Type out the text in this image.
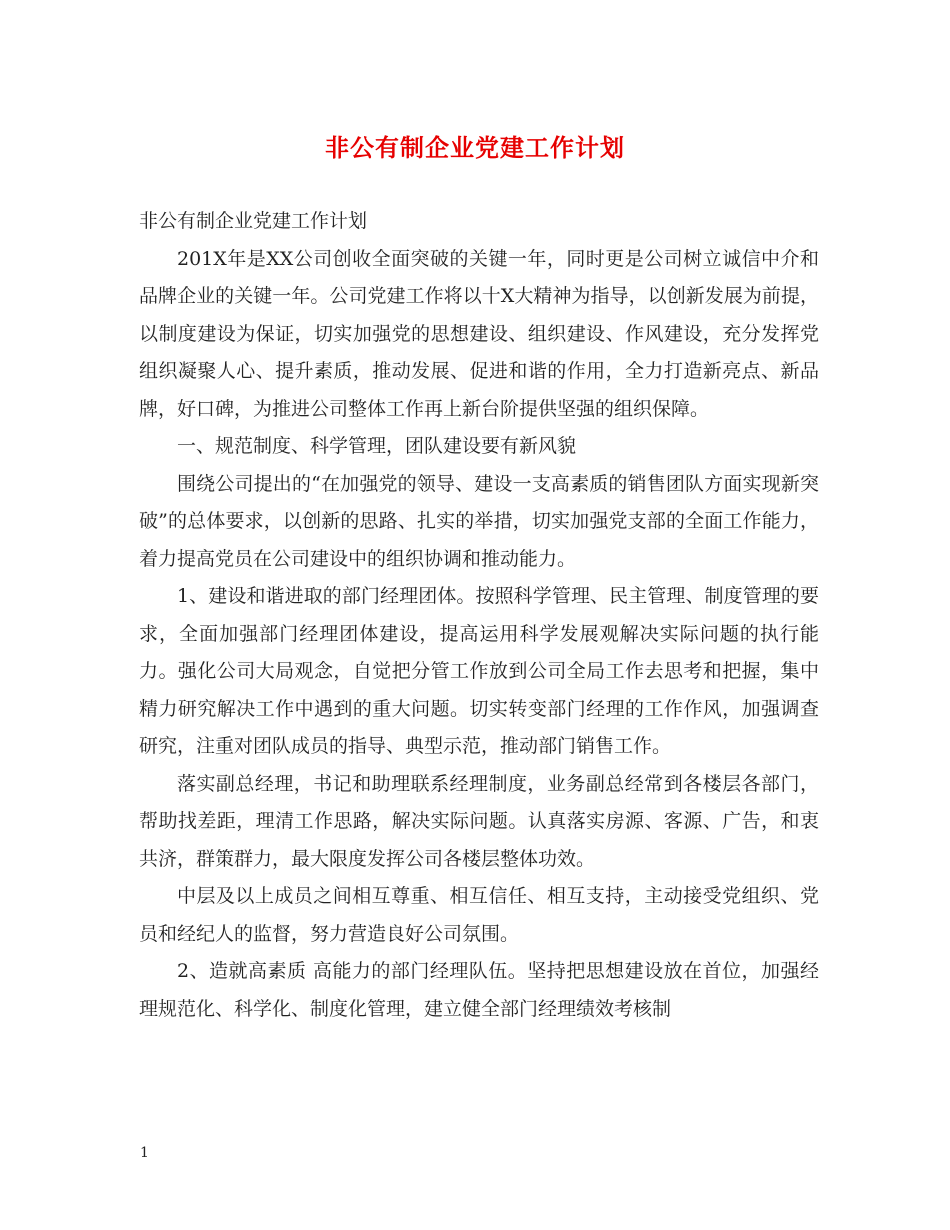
非公有制企业党建工作计划

非公有制企业党建工作计划

201X年是XX公司创收全面突破的关键一年，同时更是公司树立诚信中介和品牌企业的关键一年。公司党建工作将以十X大精神为指导，以创新发展为前提，以制度建设为保证，切实加强党的思想建设、组织建设、作风建设，充分发挥党组织凝聚人心、提升素质，推动发展、促进和谐的作用，全力打造新亮点、新品牌，好口碑，为推进公司整体工作再上新台阶提供坚强的组织保障。

一、规范制度、科学管理，团队建设要有新风貌

围绕公司提出的“在加强党的领导、建设一支高素质的销售团队方面实现新突破”的总体要求，以创新的思路、扎实的举措，切实加强党支部的全面工作能力，着力提高党员在公司建设中的组织协调和推动能力。

1、建设和谐进取的部门经理团体。按照科学管理、民主管理、制度管理的要求，全面加强部门经理团体建设，提高运用科学发展观解决实际问题的执行能力。强化公司大局观念，自觉把分管工作放到公司全局工作去思考和把握，集中精力研究解决工作中遇到的重大问题。切实转变部门经理的工作作风，加强调查研究，注重对团队成员的指导、典型示范，推动部门销售工作。

落实副总经理，书记和助理联系经理制度，业务副总经常到各楼层各部门，帮助找差距，理清工作思路，解决实际问题。认真落实房源、客源、广告，和衷共济，群策群力，最大限度发挥公司各楼层整体功效。

中层及以上成员之间相互尊重、相互信任、相互支持，主动接受党组织、党员和经纪人的监督，努力营造良好公司氛围。

2、造就高素质 高能力的部门经理队伍。坚持把思想建设放在首位，加强经理规范化、科学化、制度化管理，建立健全部门经理绩效考核制

1
